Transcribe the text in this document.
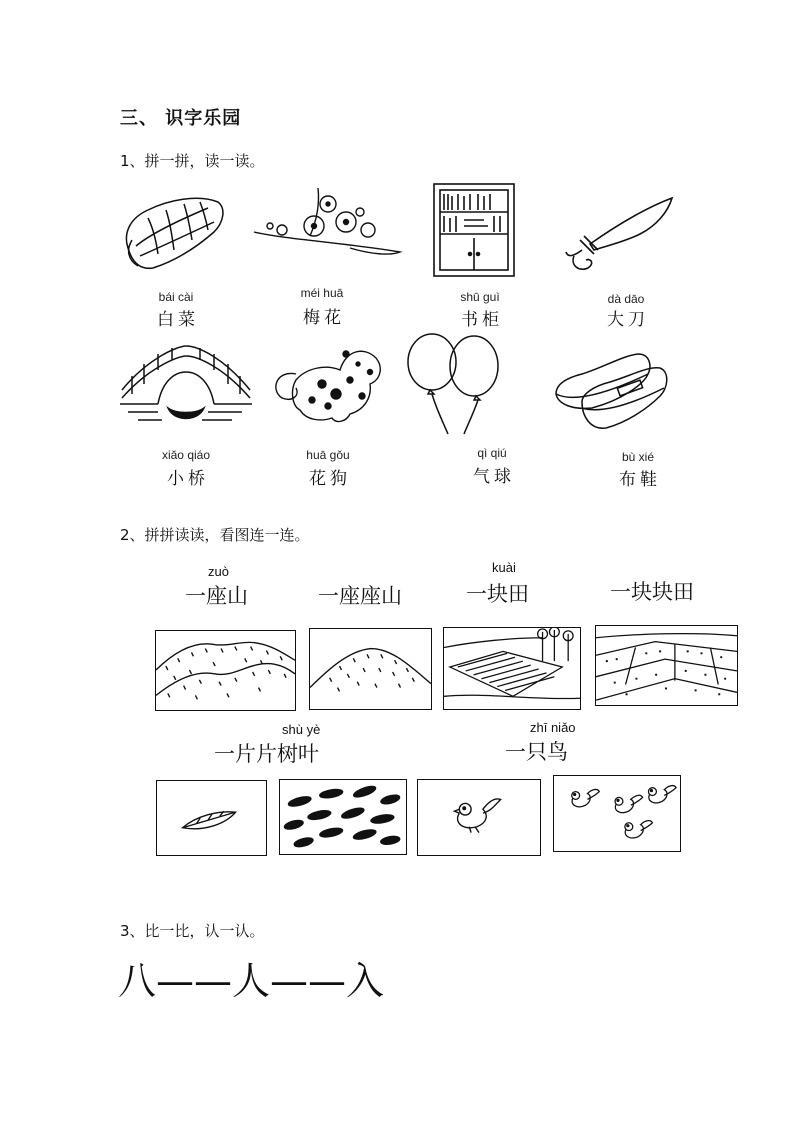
三、 识字乐园
1、拼一拼，读一读。
bái cài
白菜
méi huā
梅花
shū guì
书柜
dà dāo
大刀
xiǎo qiáo
小桥
huā gǒu
花狗
qì qiú
气球
bù xié
布鞋
2、拼拼读读，看图连一连。
zuò
一座山	一座座山
kuài
一块田	一块块田
shù yè
一片片树叶
zhī niǎo
一只鸟
3、比一比，认一认。
八——人——入
